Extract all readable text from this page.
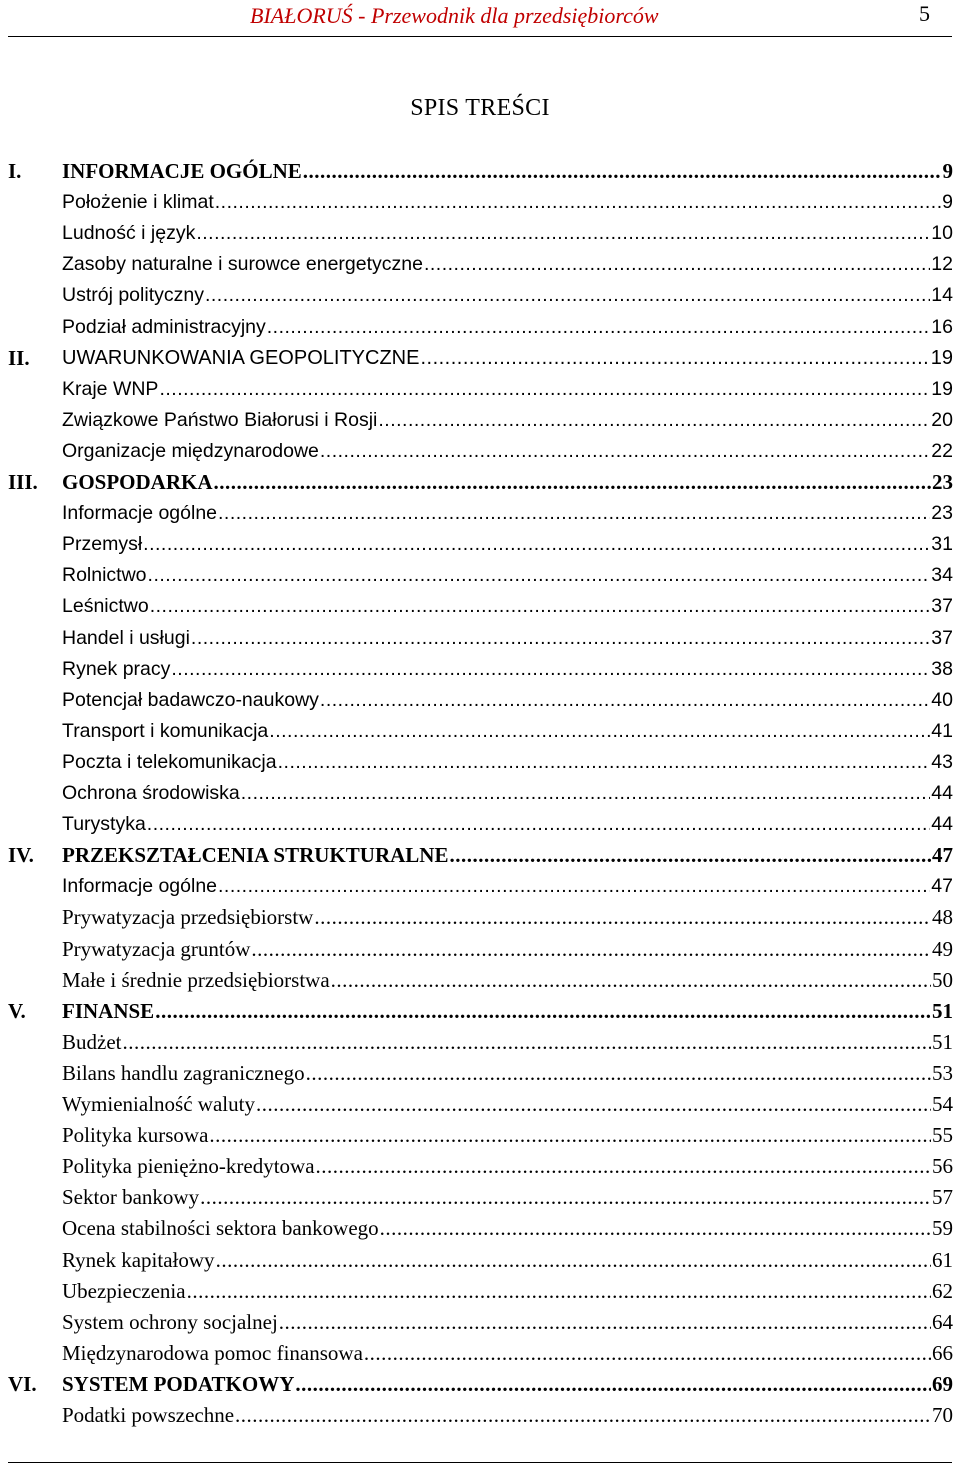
BIAŁORUŚ - Przewodnik dla przedsiębiorców	5
SPIS TREŚCI
I. INFORMACJE OGÓLNE .....	9
Położenie i klimat .....	9
Ludność i język .....	10
Zasoby naturalne i surowce energetyczne .....	12
Ustrój polityczny .....	14
Podział administracyjny .....	16
II. UWARUNKOWANIA GEOPOLITYCZNE .....	19
Kraje WNP .....	19
Związkowe Państwo Białorusi i Rosji .....	20
Organizacje międzynarodowe .....	22
III. GOSPODARKA .....	23
Informacje ogólne .....	23
Przemysł .....	31
Rolnictwo .....	34
Leśnictwo .....	37
Handel i usługi .....	37
Rynek pracy .....	38
Potencjał badawczo-naukowy .....	40
Transport i komunikacja .....	41
Poczta i telekomunikacja .....	43
Ochrona środowiska .....	44
Turystyka .....	44
IV. PRZEKSZTAŁCENIA STRUKTURALNE .....	47
Informacje ogólne .....	47
Prywatyzacja przedsiębiorstw .....	48
Prywatyzacja gruntów .....	49
Małe i średnie przedsiębiorstwa .....	50
V. FINANSE .....	51
Budżet .....	51
Bilans handlu zagranicznego .....	53
Wymienialność waluty .....	54
Polityka kursowa .....	55
Polityka pieniężno-kredytowa .....	56
Sektor bankowy .....	57
Ocena stabilności sektora bankowego .....	59
Rynek kapitałowy .....	61
Ubezpieczenia .....	62
System ochrony socjalnej .....	64
Międzynarodowa pomoc finansowa .....	66
VI. SYSTEM PODATKOWY .....	69
Podatki powszechne .....	70
